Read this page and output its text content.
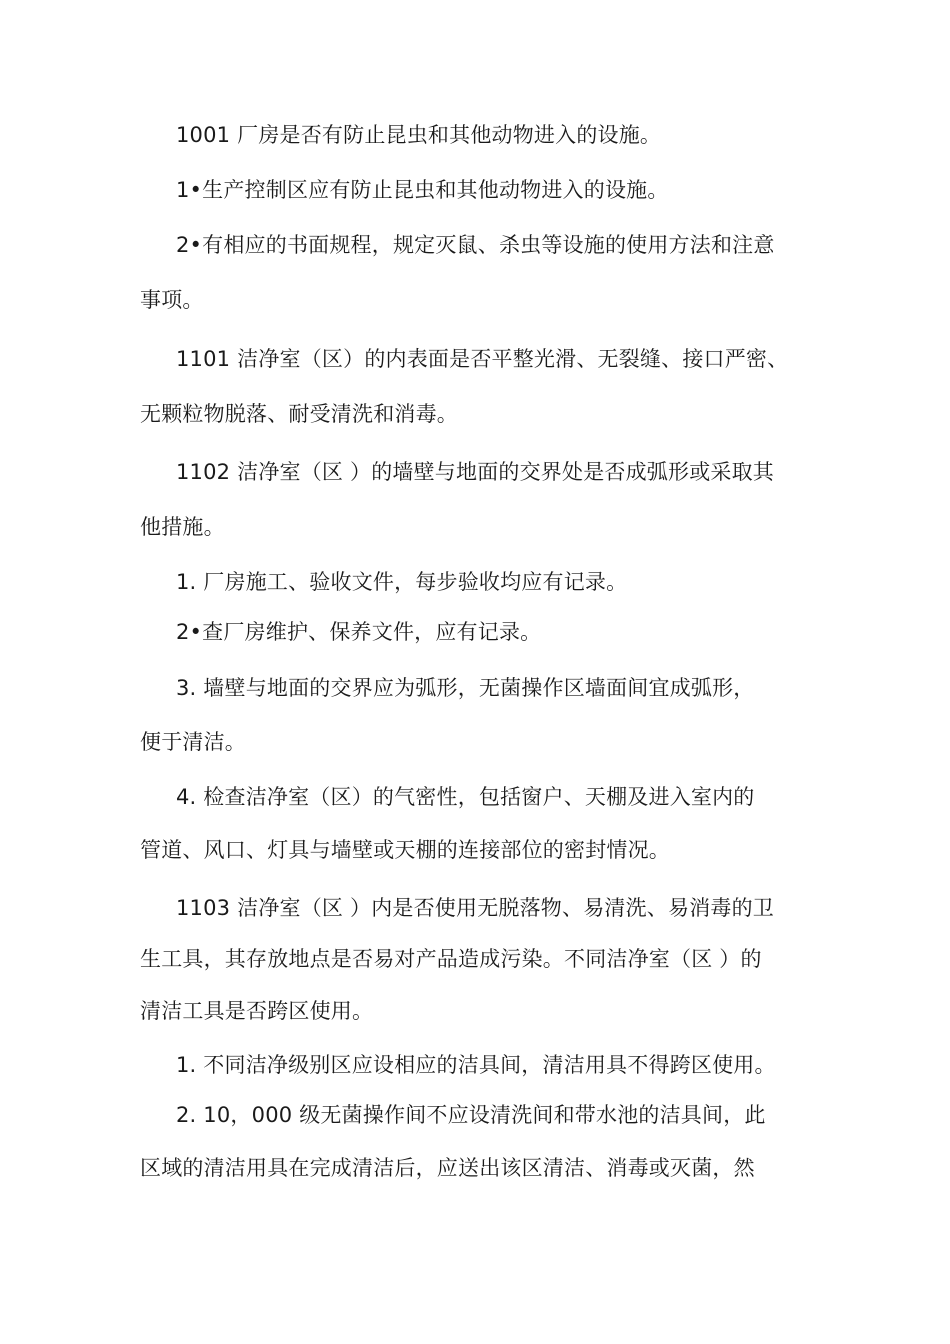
1001 厂房是否有防止昆虫和其他动物进入的设施。
1•生产控制区应有防止昆虫和其他动物进入的设施。
2•有相应的书面规程，规定灭鼠、杀虫等设施的使用方法和注意
事项。
1101 洁净室（区）的内表面是否平整光滑、无裂缝、接口严密、
无颗粒物脱落、耐受清洗和消毒。
1102 洁净室（区 ）的墙壁与地面的交界处是否成弧形或采取其
他措施。
1. 厂房施工、验收文件，每步验收均应有记录。
2•查厂房维护、保养文件，应有记录。
3. 墙壁与地面的交界应为弧形，无菌操作区墙面间宜成弧形，
便于清洁。
4. 检查洁净室（区）的气密性，包括窗户、天棚及进入室内的
管道、风口、灯具与墙壁或天棚的连接部位的密封情况。
1103 洁净室（区 ）内是否使用无脱落物、易清洗、易消毒的卫
生工具，其存放地点是否易对产品造成污染。不同洁净室（区 ）的
清洁工具是否跨区使用。
1. 不同洁净级别区应设相应的洁具间，清洁用具不得跨区使用。
2. 10，000 级无菌操作间不应设清洗间和带水池的洁具间，此
区域的清洁用具在完成清洁后，应送出该区清洁、消毒或灭菌，然
